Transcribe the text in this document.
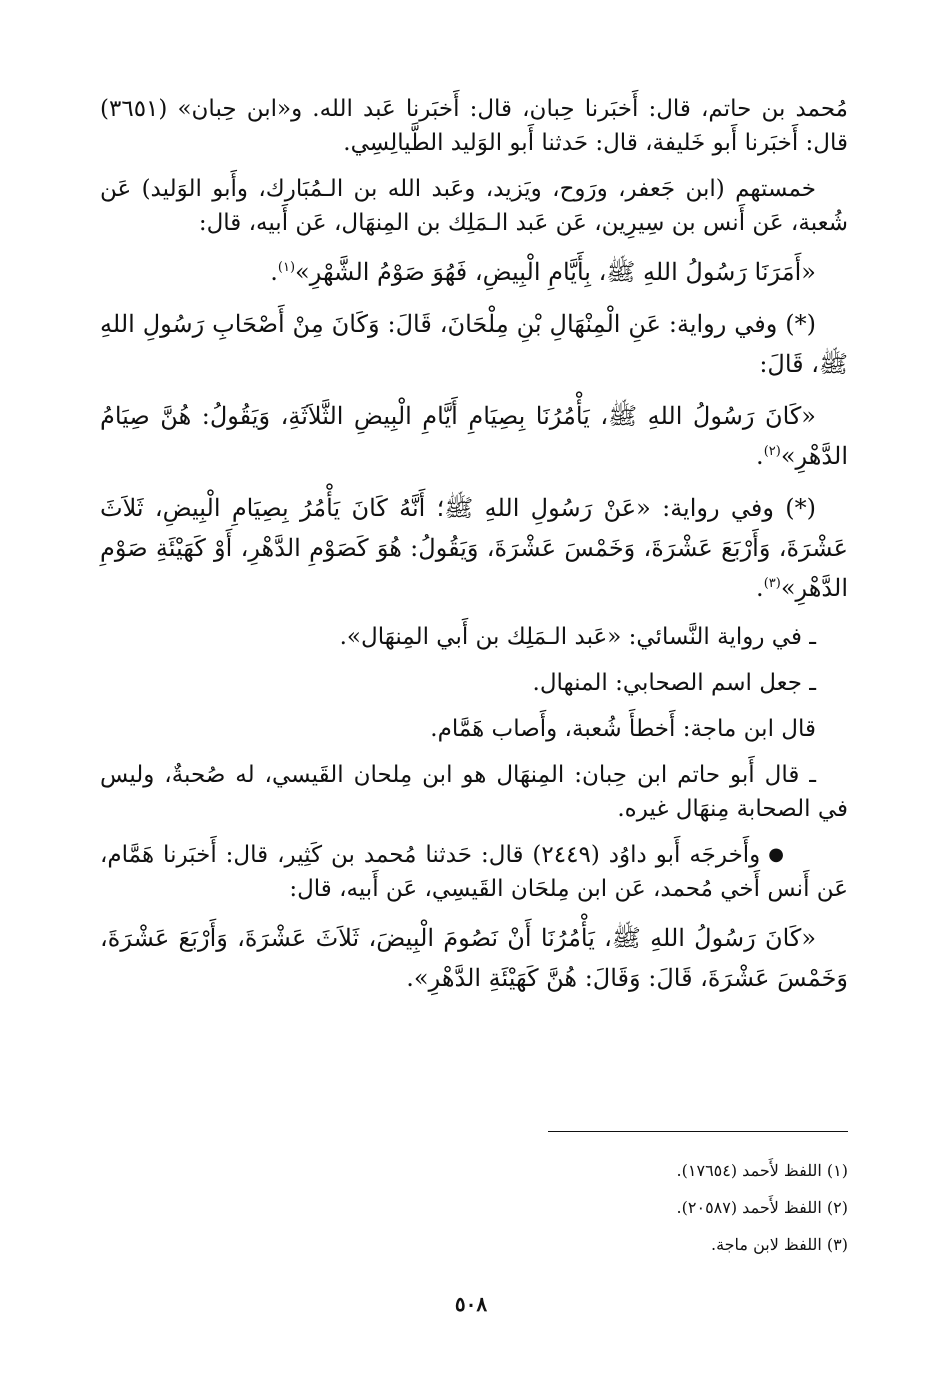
مُحمد بن حاتم، قال: أَخبَرنا حِبان، قال: أَخبَرنا عَبد الله. و«ابن حِبان» (٣٦٥١) قال: أَخبَرنا أَبو خَليفة، قال: حَدثنا أَبو الوَليد الطَّيالِسِي.

خمستهم (ابن جَعفر، ورَوح، ويَزيد، وعَبد الله بن الـمُبَارك، وأَبو الوَليد) عَن شُعبة، عَن أَنس بن سِيرِين، عَن عَبد الـمَلِك بن المِنهَال، عَن أَبيه، قال:

«أَمَرَنَا رَسُولُ اللهِ ﷺ، بِأَيَّامِ الْبِيضِ، فَهُوَ صَوْمُ الشَّهْرِ»$^{(١)}$.

(*) وفي رواية: عَنِ الْمِنْهَالِ بْنِ مِلْحَانَ، قَالَ: وَكَانَ مِنْ أَصْحَابِ رَسُولِ اللهِ ﷺ، قَالَ:

«كَانَ رَسُولُ اللهِ ﷺ، يَأْمُرُنَا بِصِيَامِ أَيَّامِ الْبِيضِ الثَّلاَثَةِ، وَيَقُولُ: هُنَّ صِيَامُ الدَّهْرِ»$^{(٢)}$.

(*) وفي رواية: «عَنْ رَسُولِ اللهِ ﷺ؛ أَنَّهُ كَانَ يَأْمُرُ بِصِيَامِ الْبِيضِ، ثَلاَثَ عَشْرَةَ، وَأَرْبَعَ عَشْرَةَ، وَخَمْسَ عَشْرَةَ، وَيَقُولُ: هُوَ كَصَوْمِ الدَّهْرِ، أَوْ كَهَيْئَةِ صَوْمِ الدَّهْرِ»$^{(٣)}$.

ـ في رواية النَّسائي: «عَبد الـمَلِك بن أَبي المِنهَال».

ـ جعل اسم الصحابي: المنهال.

قال ابن ماجة: أَخطأَ شُعبة، وأَصاب هَمَّام.

ـ قال أَبو حاتم ابن حِبان: المِنهَال هو ابن مِلحان القَيسي، له صُحبةٌ، وليس في الصحابة مِنهَال غيره.

●وأَخرجَه أَبو داوُد (٢٤٤٩) قال: حَدثنا مُحمد بن كَثِير، قال: أَخبَرنا هَمَّام، عَن أَنس أَخي مُحمد، عَن ابن مِلحَان القَيسِي، عَن أَبيه، قال:

«كَانَ رَسُولُ اللهِ ﷺ، يَأْمُرُنَا أَنْ نَصُومَ الْبِيضَ، ثَلاَثَ عَشْرَةَ، وَأَرْبَعَ عَشْرَةَ، وَخَمْسَ عَشْرَةَ، قَالَ: وَقَالَ: هُنَّ كَهَيْئَةِ الدَّهْرِ».

(١) اللفظ لأَحمد (١٧٦٥٤).

(٢) اللفظ لأَحمد (٢٠٥٨٧).

(٣) اللفظ لابن ماجة.

٥٠٨
